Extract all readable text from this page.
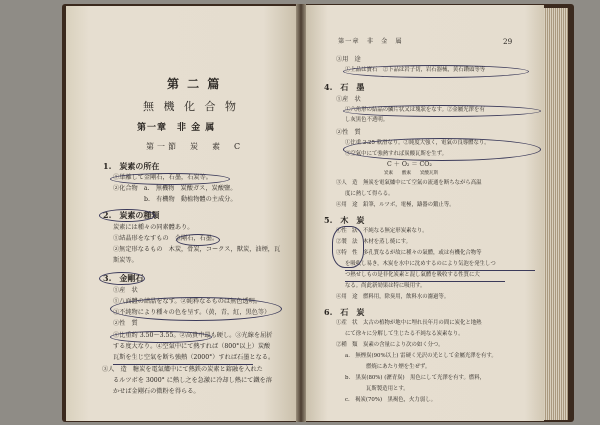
第 二 篇
無 機 化 合 物
第一章　非 金 属
第一節　炭　素　C
1.　炭素の所在
①単離して金剛石，石墨，石炭等。
②化合物　a.　無機物　炭酸ガス，炭酸鹽。
b.　有機物　動植物體の主成分。
2.　炭素の種類
炭素には種々の同素體あり。
①結晶形をなすもの　金剛石，石墨。
②無定形なるもの　木炭，骨炭，コークス，獸炭，油煙，瓦
斯炭等。
3.　金剛石
①産　状
①八面體の結晶をなす。②純粋なるものは無色透明。
③不純物により種々の色を呈す。（黄，青，紅，黒色等）
②性　質
①比重約 3.50～3.55。②高貴中最も硬し。③光線を屈折
する度大なり。④空氣中にて熱すれば（800°以上）炭酸
瓦斯を生じ空氣を断ち強熱（2000°）すれば石墨となる。
③人　造　糖炭を電氣爐中にて熱鉄の炭素と鎔融を入れた
るルツボを 3000° に熱し之を急激に冷却し熱にて鐵を溶
かせば金剛石の微粉を得らる。
第一章　非　金　属	29
③用　途
①上品は寶石　②下品は岩子切，岩石器械，黄石鑽頭等等
4.　石　墨
①産　状
①六角形の結晶の鱗片状又は塊狀をなす。②金屬光澤を有
し灰黒色不透明。
②性　質
①比重 2.25 軟滑なり。②純度大強く，電氣の良導體なり。
③空氣中にて強熱すれば炭酸瓦斯を生ず。
C ＋ O₂ ＝ CO₂
炭素　　酸素　　炭酸瓦斯
③人　造　無炭を電氣爐中にて空氣の流通を断ちながら高温
度に熱して得らる。
④用　途　鉛筆，ルツボ，電極，鑄器の鍛止等。
5.　木　炭
①性　狀　不純なる無定形炭素なり。
②製　法　木材を蒸し焼にす。
③特　性　多孔質なるが故に種々の氣體，或は有機化合物等
を吸收し易き，木炭を水中に沈めするのにより気泡を発生しつ
つ熱せしもの是非化炭素と混し氣體を吸收する性質に大
なる。尚此新効果は特に吸用す。
④用　途　燃料用，除臭用，飲料水の濾過等。
6.　石　炭
①産　状　太古の植物が地中に埋れ長年月の間に炭化と地熱
にて徐々に分解して生じたる不純なる炭素なり。
②種　類　炭素の含量により次の如く分つ。
a.　無煙炭(90%以上) 雷硬く光沢の光として金屬光澤を有す。
燃焼にあたり煙を生ぜず。
b.　黒炭(80%) (瀝青炭)　黒色にして光澤を有す。燃料，
瓦斯製造用とす。
c.　褐炭(70%)　黒褐色，火力弱し。
